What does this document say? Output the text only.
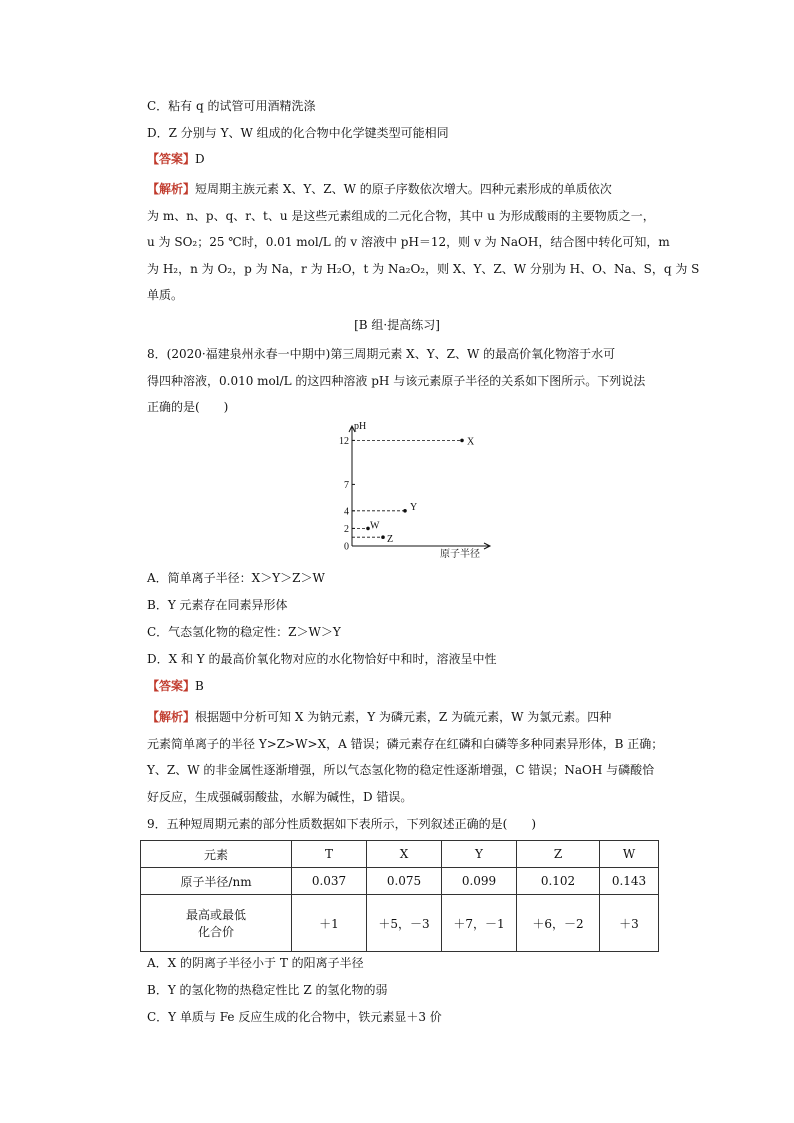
C．粘有 q 的试管可用酒精洗涤
D．Z 分别与 Y、W 组成的化合物中化学键类型可能相同
【答案】D
【解析】短周期主族元素 X、Y、Z、W 的原子序数依次增大。四种元素形成的单质依次
为 m、n、p、q、r、t、u 是这些元素组成的二元化合物，其中 u 为形成酸雨的主要物质之一，
u 为 SO₂；25 ℃时，0.01 mol/L 的 v 溶液中 pH＝12，则 v 为 NaOH，结合图中转化可知，m
为 H₂，n 为 O₂，p 为 Na，r 为 H₂O，t 为 Na₂O₂，则 X、Y、Z、W 分别为 H、O、Na、S，q 为 S
单质。
[B 组·提高练习]
8．(2020·福建泉州永春一中期中)第三周期元素 X、Y、Z、W 的最高价氧化物溶于水可
得四种溶液，0.010 mol/L 的这四种溶液 pH 与该元素原子半径的关系如下图所示。下列说法
正确的是(　　)
pH
原子半径
0
2
4
7
12	X
Y
W
Z
A．简单离子半径：X＞Y＞Z＞W
B．Y 元素存在同素异形体
C．气态氢化物的稳定性：Z＞W＞Y
D．X 和 Y 的最高价氧化物对应的水化物恰好中和时，溶液呈中性
【答案】B
【解析】根据题中分析可知 X 为钠元素，Y 为磷元素，Z 为硫元素，W 为氯元素。四种
元素简单离子的半径 Y>Z>W>X，A 错误；磷元素存在红磷和白磷等多种同素异形体，B 正确；
Y、Z、W 的非金属性逐渐增强，所以气态氢化物的稳定性逐渐增强，C 错误；NaOH 与磷酸恰
好反应，生成强碱弱酸盐，水解为碱性，D 错误。
9．五种短周期元素的部分性质数据如下表所示，下列叙述正确的是(　　)
元素	T	X	Y	Z	W
原子半径/nm	0.037	0.075	0.099	0.102	0.143

最高或最低
化合价	＋1	＋5，－3	＋7，－1	＋6，－2	＋3
A．X 的阴离子半径小于 T 的阳离子半径
B．Y 的氢化物的热稳定性比 Z 的氢化物的弱
C．Y 单质与 Fe 反应生成的化合物中，铁元素显＋3 价
